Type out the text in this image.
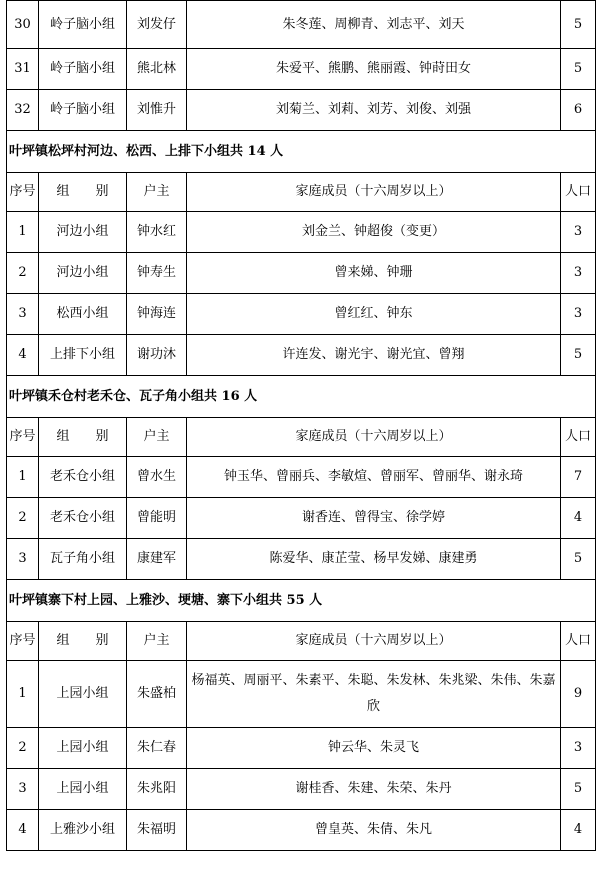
30	岭子脑小组	刘发仔	朱冬莲、周柳青、刘志平、刘天	5
31	岭子脑小组	熊北林	朱爱平、熊鹏、熊丽霞、钟莳田女	5
32	岭子脑小组	刘惟升	刘菊兰、刘莉、刘芳、刘俊、刘强	6
叶坪镇松坪村河边、松西、上排下小组共 14 人				
序号	组 别	户主	家庭成员（十六周岁以上）	人口
1	河边小组	钟水红	刘金兰、钟超俊（变更）	3
2	河边小组	钟寿生	曾来娣、钟珊	3
3	松西小组	钟海连	曾红红、钟东	3
4	上排下小组	谢功沐	许连发、谢光宇、谢光宜、曾翔	5
叶坪镇禾仓村老禾仓、瓦子角小组共 16 人				
序号	组 别	户主	家庭成员（十六周岁以上）	人口
1	老禾仓小组	曾水生	钟玉华、曾丽兵、李敏煊、曾丽军、曾丽华、谢永琦	7
2	老禾仓小组	曾能明	谢香连、曾得宝、徐学婷	4
3	瓦子角小组	康建军	陈爱华、康芷莹、杨早发娣、康建勇	5
叶坪镇寨下村上园、上雅沙、埂塘、寨下小组共 55 人				
序号	组 别	户主	家庭成员（十六周岁以上）	人口
1	上园小组	朱盛柏	杨福英、周丽平、朱素平、朱聪、朱发林、朱兆梁、朱伟、朱嘉欣	9
2	上园小组	朱仁春	钟云华、朱灵飞	3
3	上园小组	朱兆阳	谢桂香、朱建、朱荣、朱丹	5
4	上雅沙小组	朱福明	曾皇英、朱倩、朱凡	4
